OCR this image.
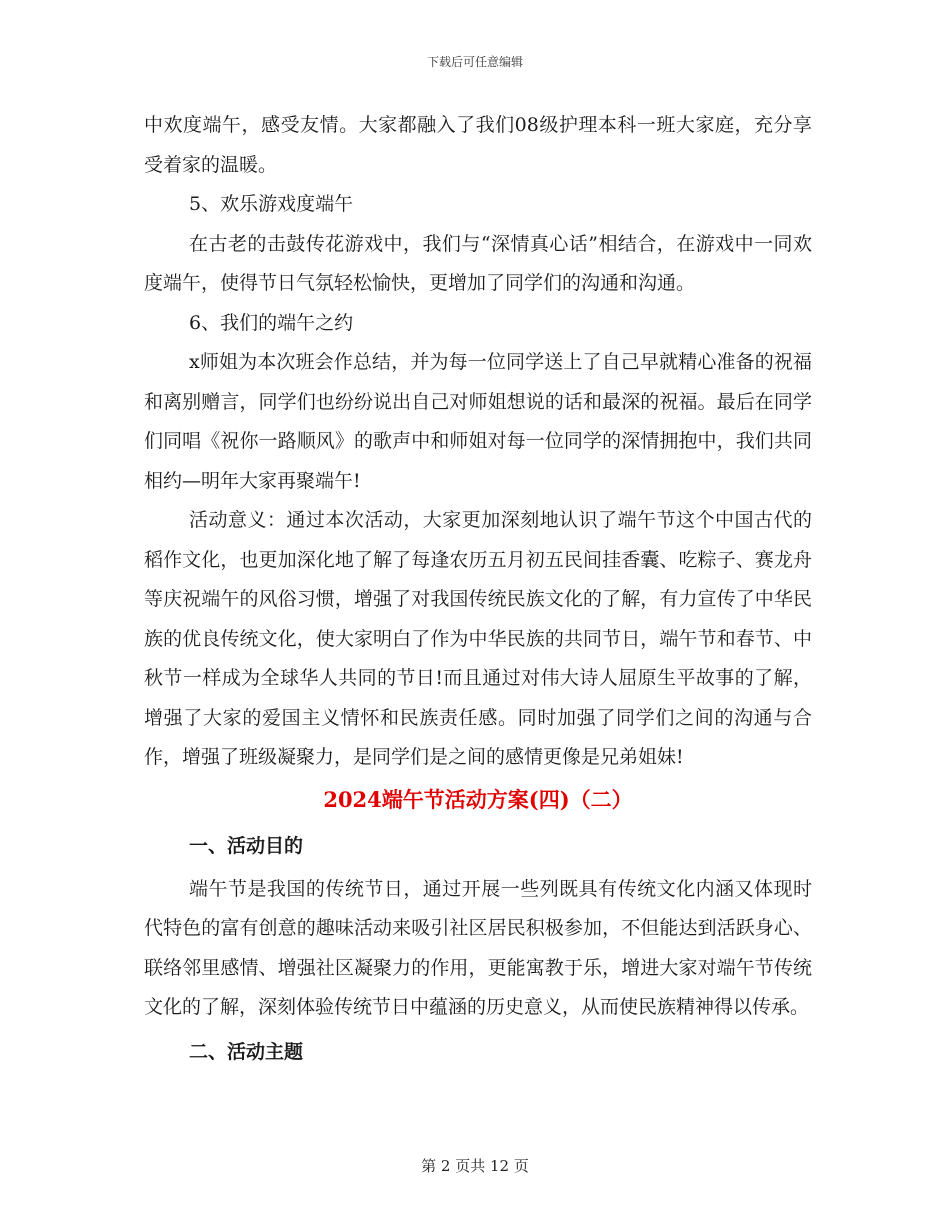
下载后可任意编辑

中欢度端午，感受友情。大家都融入了我们08级护理本科一班大家庭，充分享受着家的温暖。

5、欢乐游戏度端午

在古老的击鼓传花游戏中，我们与“深情真心话”相结合，在游戏中一同欢度端午，使得节日气氛轻松愉快，更增加了同学们的沟通和沟通。

6、我们的端午之约

x师姐为本次班会作总结，并为每一位同学送上了自己早就精心准备的祝福和离别赠言，同学们也纷纷说出自己对师姐想说的话和最深的祝福。最后在同学们同唱《祝你一路顺风》的歌声中和师姐对每一位同学的深情拥抱中，我们共同相约—明年大家再聚端午!

活动意义：通过本次活动，大家更加深刻地认识了端午节这个中国古代的稻作文化，也更加深化地了解了每逢农历五月初五民间挂香囊、吃粽子、赛龙舟等庆祝端午的风俗习惯，增强了对我国传统民族文化的了解，有力宣传了中华民族的优良传统文化，使大家明白了作为中华民族的共同节日，端午节和春节、中秋节一样成为全球华人共同的节日!而且通过对伟大诗人屈原生平故事的了解，增强了大家的爱国主义情怀和民族责任感。同时加强了同学们之间的沟通与合作，增强了班级凝聚力，是同学们是之间的感情更像是兄弟姐妹!

2024端午节活动方案(四)（二）

一、活动目的

端午节是我国的传统节日，通过开展一些列既具有传统文化内涵又体现时代特色的富有创意的趣味活动来吸引社区居民积极参加，不但能达到活跃身心、联络邻里感情、增强社区凝聚力的作用，更能寓教于乐，增进大家对端午节传统文化的了解，深刻体验传统节日中蕴涵的历史意义，从而使民族精神得以传承。

二、活动主题

第 2 页共 12 页
